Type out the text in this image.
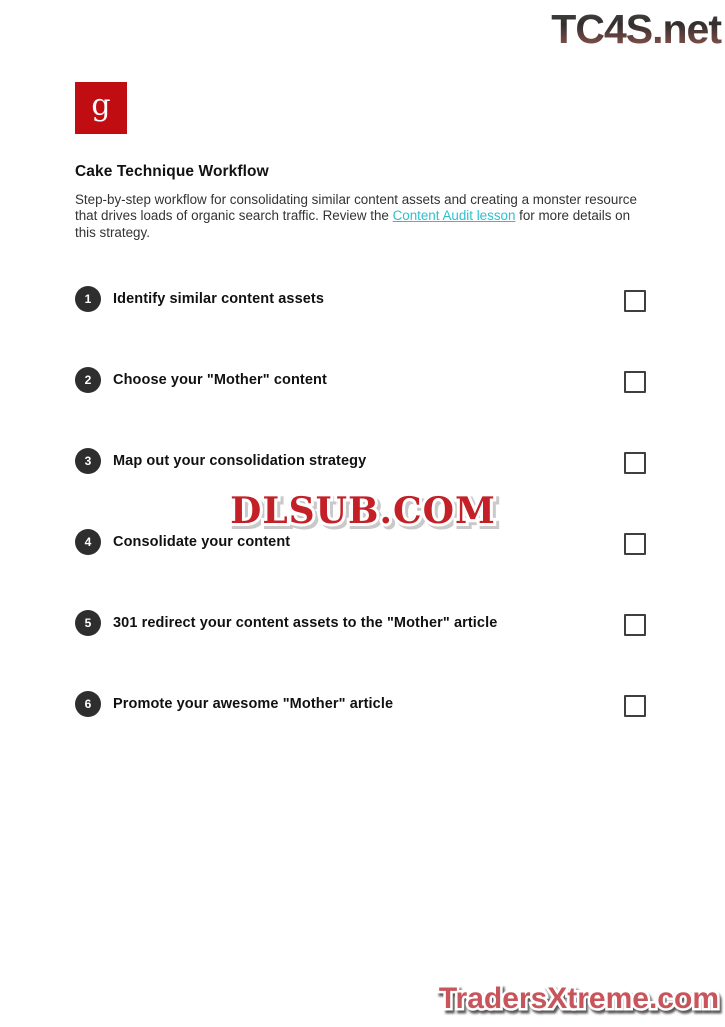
TC4S.net
DLSUB.COM
TradersXtreme.com
g
Cake Technique Workflow

Step-by-step workflow for consolidating similar content assets and creating a monster resource that drives loads of organic search traffic. Review the Content Audit lesson for more details on this strategy.

1	Identify similar content assets
2	Choose your "Mother" content
3	Map out your consolidation strategy
4	Consolidate your content
5	301 redirect your content assets to the "Mother" article
6	Promote your awesome "Mother" article
